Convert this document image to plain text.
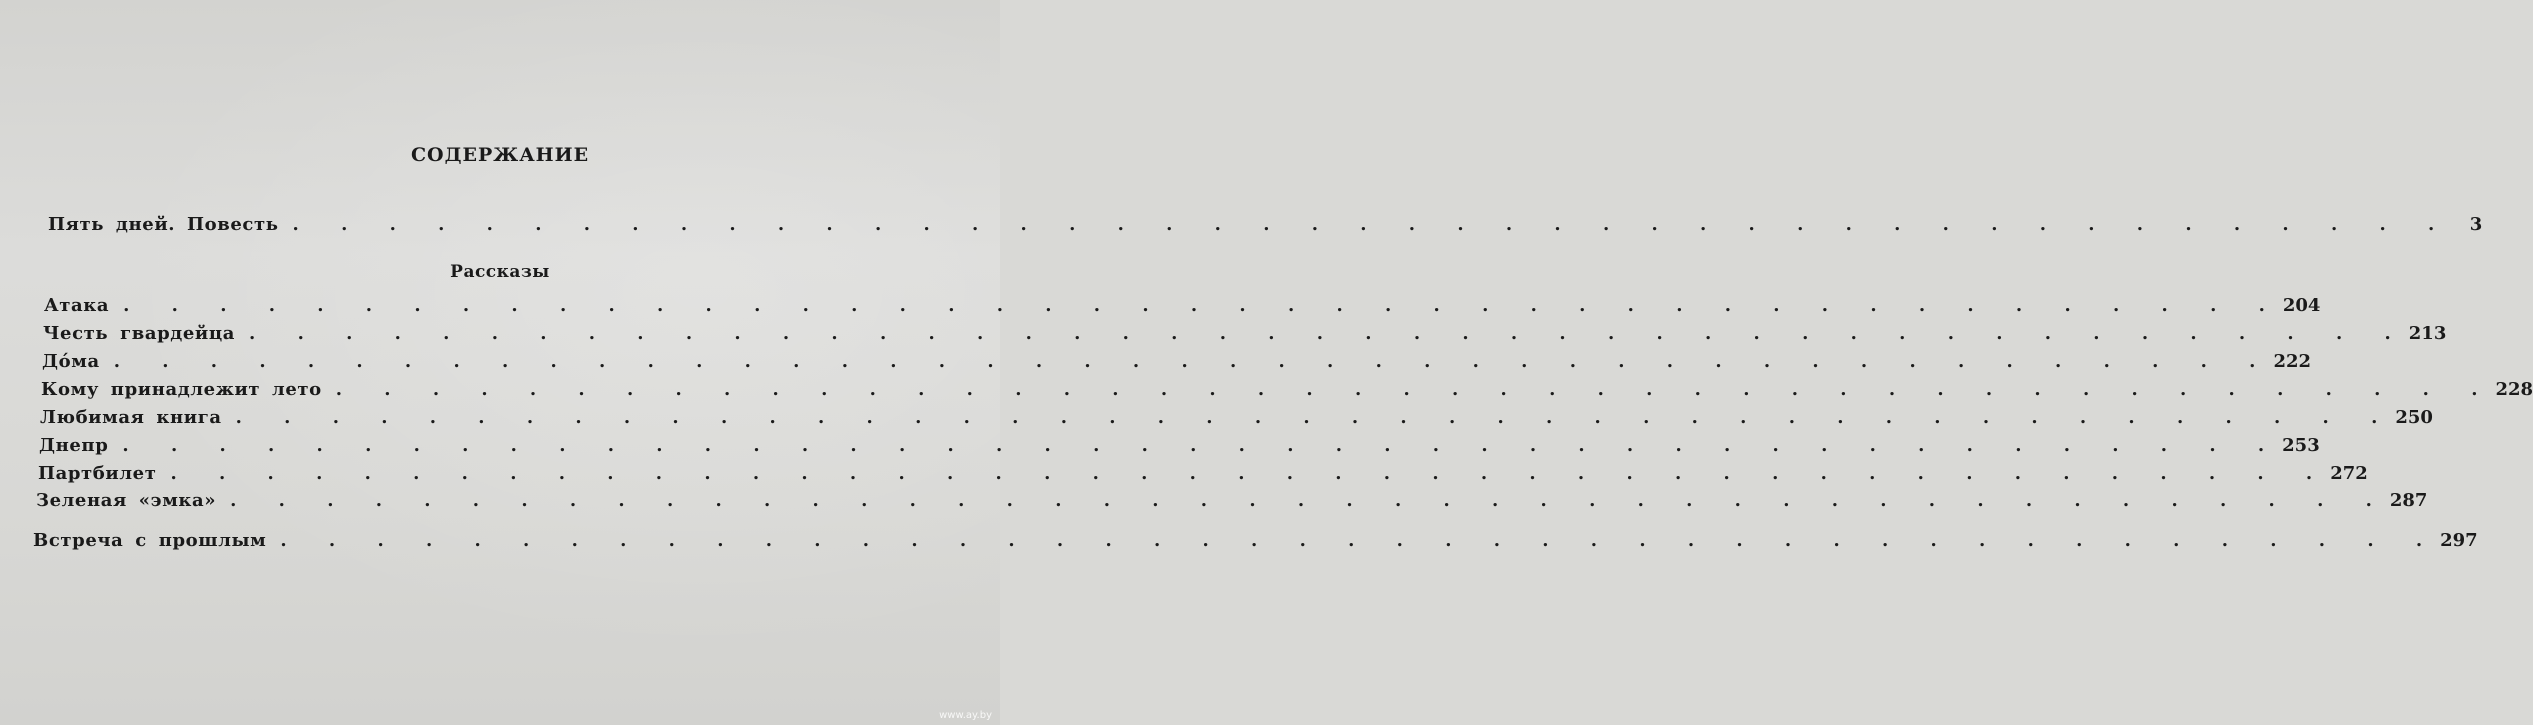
СОДЕРЖАНИЕ
Пять дней. Повесть . . . . . . . . . . . . . . . . . . . . . . . . . . . . . . . . . . . . . . . . . . . . . 3
Рассказы
Атака . . . . . . . . . . . . . . . . . . . . . . . . . . . . . . . . . . . . . . . . . . . . . 204
Честь гвардейца . . . . . . . . . . . . . . . . . . . . . . . . . . . . . . . . . . . . . . . . . . . . . 213
До́ма . . . . . . . . . . . . . . . . . . . . . . . . . . . . . . . . . . . . . . . . . . . . . 222
Кому принадлежит лето . . . . . . . . . . . . . . . . . . . . . . . . . . . . . . . . . . . . . . . . . . . . . 228
Любимая книга . . . . . . . . . . . . . . . . . . . . . . . . . . . . . . . . . . . . . . . . . . . . . 250
Днепр . . . . . . . . . . . . . . . . . . . . . . . . . . . . . . . . . . . . . . . . . . . . . 253
Партбилет . . . . . . . . . . . . . . . . . . . . . . . . . . . . . . . . . . . . . . . . . . . . . 272
Зеленая «эмка» . . . . . . . . . . . . . . . . . . . . . . . . . . . . . . . . . . . . . . . . . . . . . 287
Встреча с прошлым . . . . . . . . . . . . . . . . . . . . . . . . . . . . . . . . . . . . . . . . . . . . . 297
www.ay.by
